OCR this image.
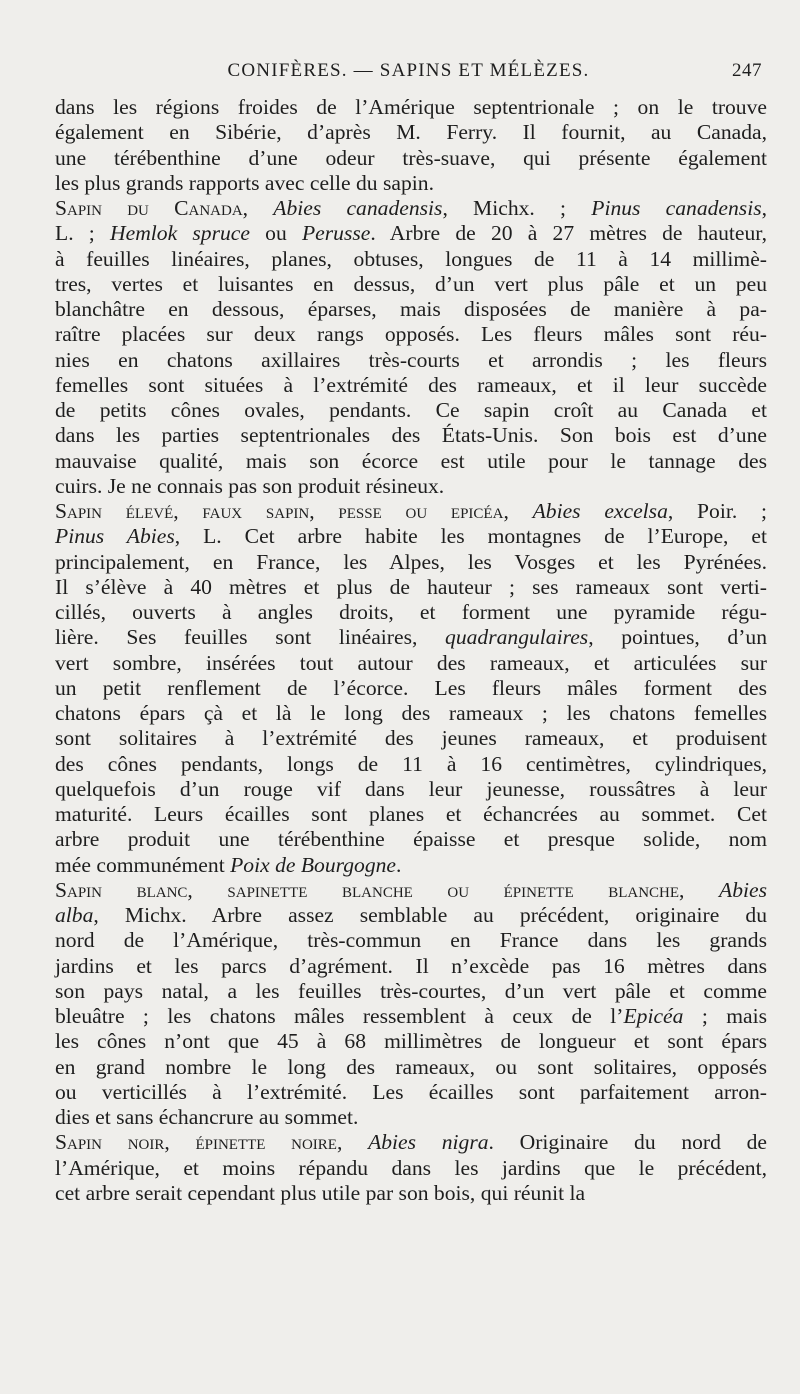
CONIFÈRES. — SAPINS ET MÉLÈZES.	247
dans les régions froides de l’Amérique septentrionale ; on le trouve
également en Sibérie, d’après M. Ferry. Il fournit, au Canada,
une térébenthine d’une odeur très-suave, qui présente également
les plus grands rapports avec celle du sapin.
Sapin du Canada, Abies canadensis, Michx. ; Pinus canadensis,
L. ; Hemlok spruce ou Perusse. Arbre de 20 à 27 mètres de hauteur,
à feuilles linéaires, planes, obtuses, longues de 11 à 14 millimè-
tres, vertes et luisantes en dessus, d’un vert plus pâle et un peu
blanchâtre en dessous, éparses, mais disposées de manière à pa-
raître placées sur deux rangs opposés. Les fleurs mâles sont réu-
nies en chatons axillaires très-courts et arrondis ; les fleurs
femelles sont situées à l’extrémité des rameaux, et il leur succède
de petits cônes ovales, pendants. Ce sapin croît au Canada et
dans les parties septentrionales des États-Unis. Son bois est d’une
mauvaise qualité, mais son écorce est utile pour le tannage des
cuirs. Je ne connais pas son produit résineux.
Sapin élevé, faux sapin, pesse ou epicéa, Abies excelsa, Poir. ;
Pinus Abies, L. Cet arbre habite les montagnes de l’Europe, et
principalement, en France, les Alpes, les Vosges et les Pyrénées.
Il s’élève à 40 mètres et plus de hauteur ; ses rameaux sont verti-
cillés, ouverts à angles droits, et forment une pyramide régu-
lière. Ses feuilles sont linéaires, quadrangulaires, pointues, d’un
vert sombre, insérées tout autour des rameaux, et articulées sur
un petit renflement de l’écorce. Les fleurs mâles forment des
chatons épars çà et là le long des rameaux ; les chatons femelles
sont solitaires à l’extrémité des jeunes rameaux, et produisent
des cônes pendants, longs de 11 à 16 centimètres, cylindriques,
quelquefois d’un rouge vif dans leur jeunesse, roussâtres à leur
maturité. Leurs écailles sont planes et échancrées au sommet. Cet
arbre produit une térébenthine épaisse et presque solide, nom
mée communément Poix de Bourgogne.
Sapin blanc, sapinette blanche ou épinette blanche, Abies
alba, Michx. Arbre assez semblable au précédent, originaire du
nord de l’Amérique, très-commun en France dans les grands
jardins et les parcs d’agrément. Il n’excède pas 16 mètres dans
son pays natal, a les feuilles très-courtes, d’un vert pâle et comme
bleuâtre ; les chatons mâles ressemblent à ceux de l’Epicéa ; mais
les cônes n’ont que 45 à 68 millimètres de longueur et sont épars
en grand nombre le long des rameaux, ou sont solitaires, opposés
ou verticillés à l’extrémité. Les écailles sont parfaitement arron-
dies et sans échancrure au sommet.
Sapin noir, épinette noire, Abies nigra. Originaire du nord de
l’Amérique, et moins répandu dans les jardins que le précédent,
cet arbre serait cependant plus utile par son bois, qui réunit la
